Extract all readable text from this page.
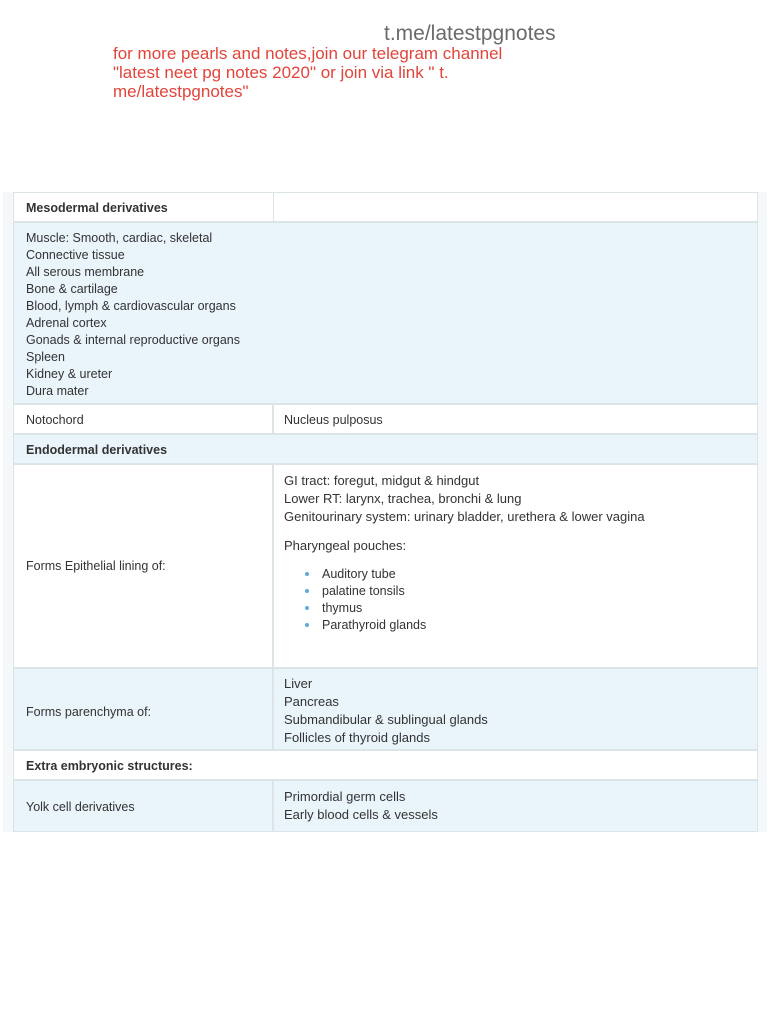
t.me/latestpgnotes
for more pearls and notes,join our telegram channel
"latest neet pg notes 2020" or join via link " t.
me/latestpgnotes"
Mesodermal derivatives
Muscle: Smooth, cardiac, skeletal
Connective tissue
All serous membrane
Bone & cartilage
Blood, lymph & cardiovascular organs
Adrenal cortex
Gonads & internal reproductive organs
Spleen
Kidney & ureter
Dura mater
Notochord	Nucleus pulposus
Endodermal derivatives
Forms Epithelial lining of:
GI tract: foregut, midgut & hindgut
Lower RT: larynx, trachea, bronchi & lung
Genitourinary system: urinary bladder, urethera & lower vagina
Pharyngeal pouches:
Auditory tube
palatine tonsils
thymus
Parathyroid glands
Forms parenchyma of:
Liver
Pancreas
Submandibular & sublingual glands
Follicles of thyroid glands
Extra embryonic structures:
Yolk cell derivatives
Primordial germ cells
Early blood cells & vessels
